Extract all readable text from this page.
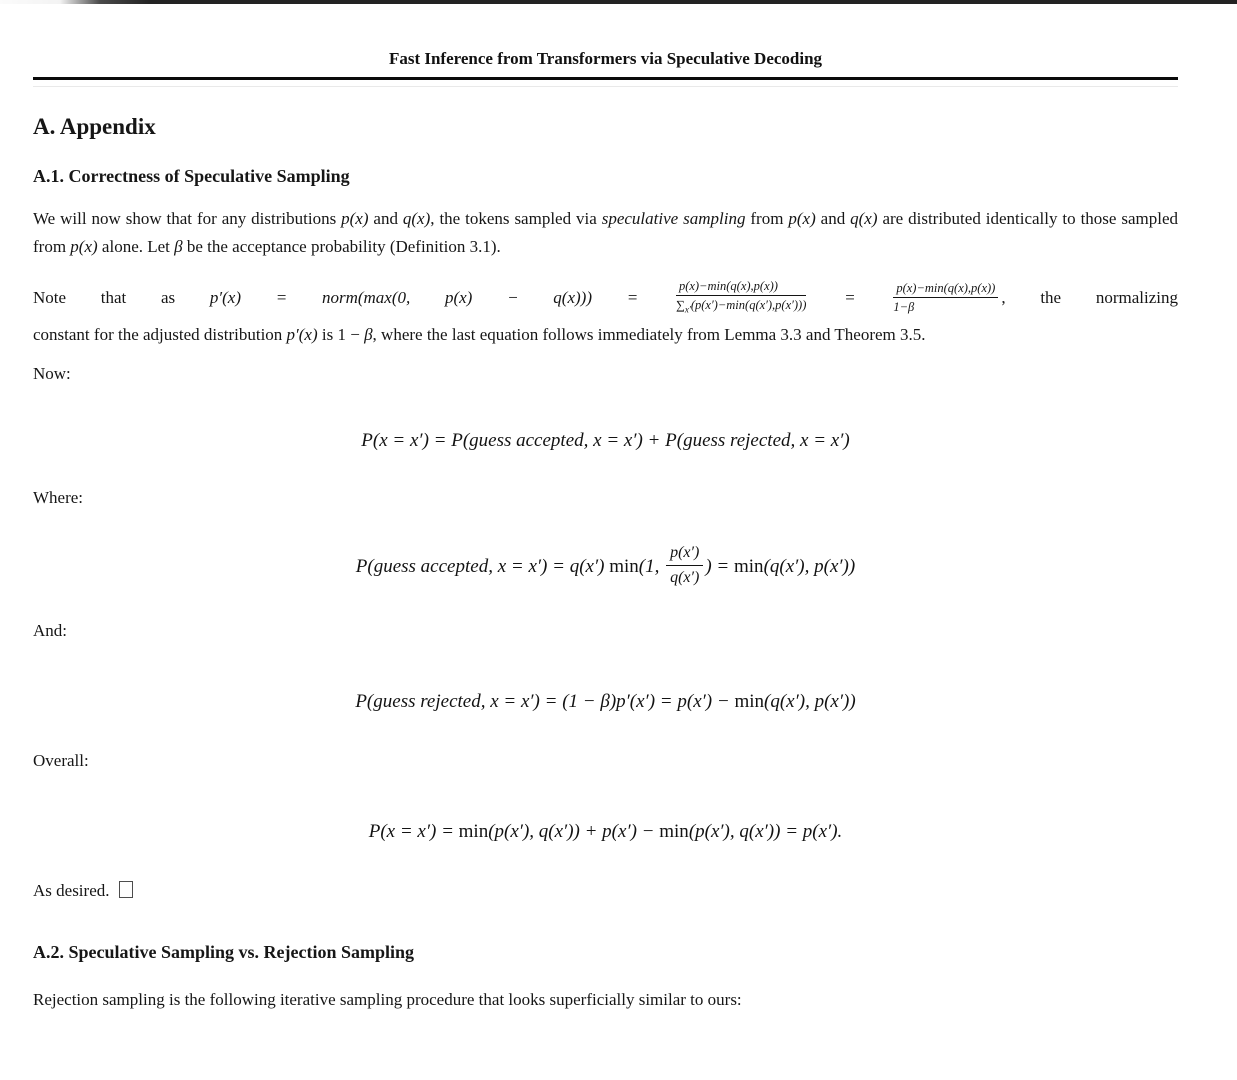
Fast Inference from Transformers via Speculative Decoding
A. Appendix
A.1. Correctness of Speculative Sampling

We will now show that for any distributions p(x) and q(x), the tokens sampled via speculative sampling from p(x) and q(x) are distributed identically to those sampled from p(x) alone. Let β be the acceptance probability (Definition 3.1).

Note that as p′(x) = norm(max(0, $p(x) - q(x))) = \frac{p(x)-\min(q(x),p(x))}{\sum_{x'}(p(x')-\min(q(x'),p(x')))} = \frac{p(x)-\min(q(x),p(x))}{1-\beta}$ , the normalizing

constant for the adjusted distribution p′(x) is 1 − β, where the last equation follows immediately from Lemma 3.3 and Theorem 3.5.

Now:
P(x = x′) = P(guess accepted, x = x′) + P(guess rejected, x = x′)
Where:
P(guess accepted, x = x′) = q(x′) min(1, $\frac{p(x')}{q(x')}$ ) = min(q(x′), p(x′))
And:
P(guess rejected, x = x′) = (1 − β)p′(x′) = p(x′) − min(q(x′), p(x′))
Overall:
P(x = x′) = min(p(x′), q(x′)) + p(x′) − min(p(x′), q(x′)) = p(x′).
As desired.
A.2. Speculative Sampling vs. Rejection Sampling

Rejection sampling is the following iterative sampling procedure that looks superficially similar to ours:
